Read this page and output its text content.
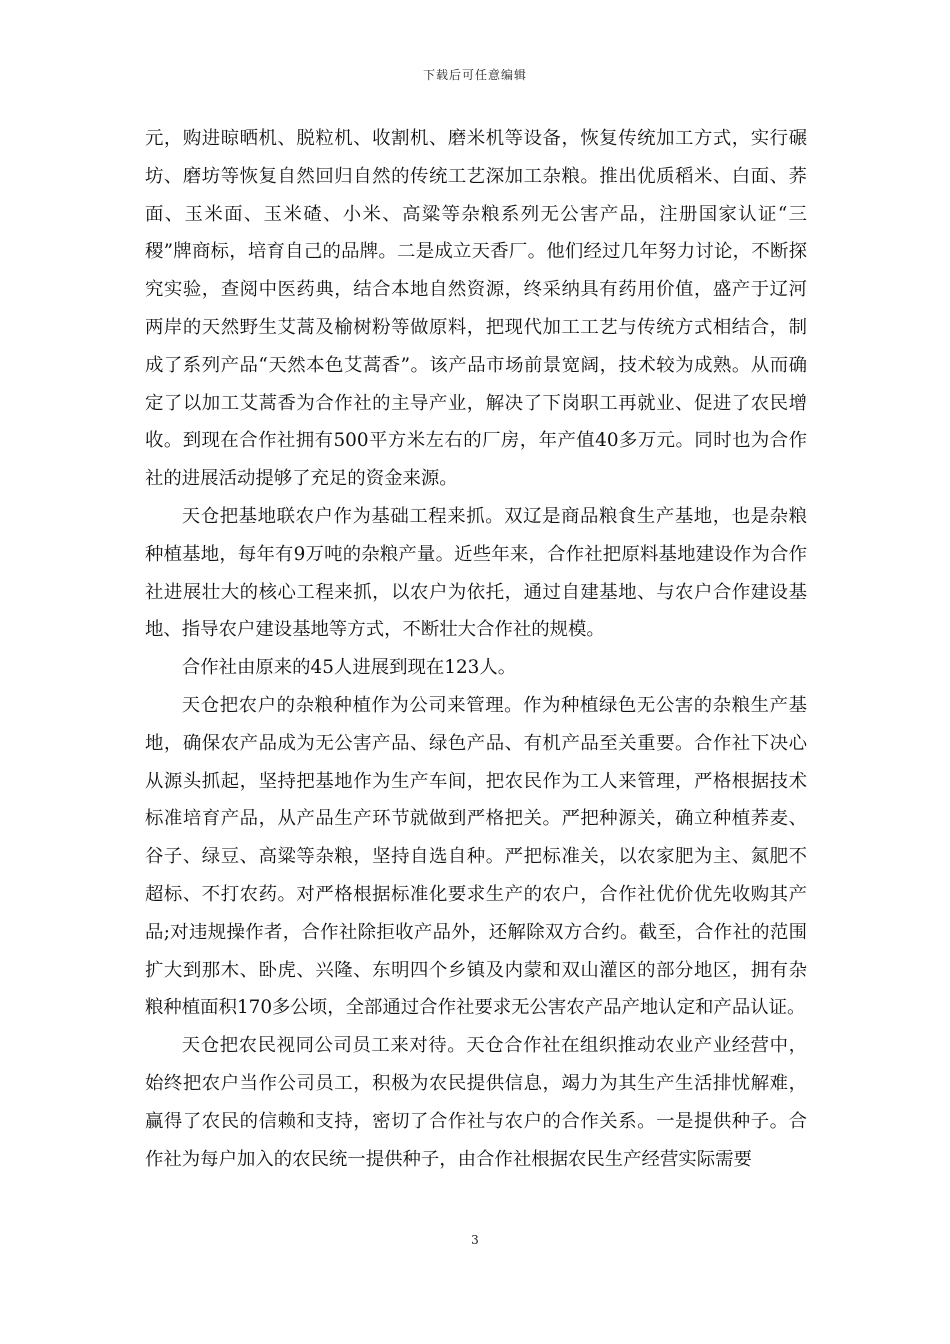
下载后可任意编辑

元，购进晾晒机、脱粒机、收割机、磨米机等设备，恢复传统加工方式，实行碾坊、磨坊等恢复自然回归自然的传统工艺深加工杂粮。推出优质稻米、白面、荞面、玉米面、玉米碴、小米、高粱等杂粮系列无公害产品，注册国家认证“三稷”牌商标，培育自己的品牌。二是成立天香厂。他们经过几年努力讨论，不断探究实验，查阅中医药典，结合本地自然资源，终采纳具有药用价值，盛产于辽河两岸的天然野生艾蒿及榆树粉等做原料，把现代加工工艺与传统方式相结合，制成了系列产品“天然本色艾蒿香”。该产品市场前景宽阔，技术较为成熟。从而确定了以加工艾蒿香为合作社的主导产业，解决了下岗职工再就业、促进了农民增收。到现在合作社拥有500平方米左右的厂房，年产值40多万元。同时也为合作社的进展活动提够了充足的资金来源。

天仓把基地联农户作为基础工程来抓。双辽是商品粮食生产基地，也是杂粮种植基地，每年有9万吨的杂粮产量。近些年来，合作社把原料基地建设作为合作社进展壮大的核心工程来抓，以农户为依托，通过自建基地、与农户合作建设基地、指导农户建设基地等方式，不断壮大合作社的规模。

合作社由原来的45人进展到现在123人。

天仓把农户的杂粮种植作为公司来管理。作为种植绿色无公害的杂粮生产基地，确保农产品成为无公害产品、绿色产品、有机产品至关重要。合作社下决心从源头抓起，坚持把基地作为生产车间，把农民作为工人来管理，严格根据技术标准培育产品，从产品生产环节就做到严格把关。严把种源关，确立种植荞麦、谷子、绿豆、高粱等杂粮，坚持自选自种。严把标准关，以农家肥为主、氮肥不超标、不打农药。对严格根据标准化要求生产的农户，合作社优价优先收购其产品;对违规操作者，合作社除拒收产品外，还解除双方合约。截至，合作社的范围扩大到那木、卧虎、兴隆、东明四个乡镇及内蒙和双山灌区的部分地区，拥有杂粮种植面积170多公顷，全部通过合作社要求无公害农产品产地认定和产品认证。

天仓把农民视同公司员工来对待。天仓合作社在组织推动农业产业经营中，始终把农户当作公司员工，积极为农民提供信息，竭力为其生产生活排忧解难，赢得了农民的信赖和支持，密切了合作社与农户的合作关系。一是提供种子。合作社为每户加入的农民统一提供种子，由合作社根据农民生产经营实际需要

3
